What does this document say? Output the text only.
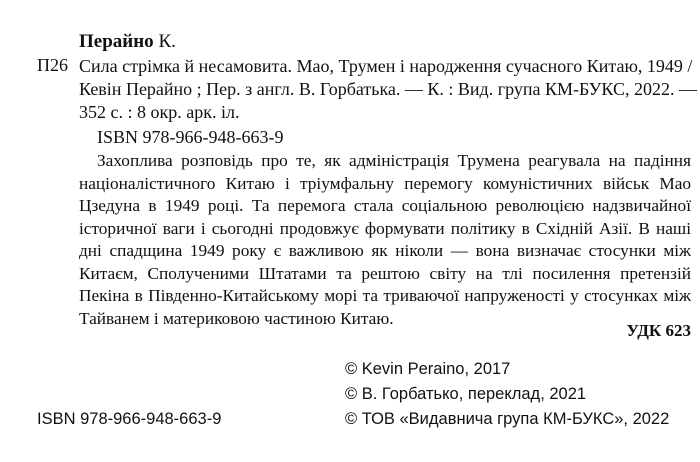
Перайно К.
П26 Сила стрімка й несамовита. Мао, Трумен і народження сучасного Китаю, 1949 /
Кевін Перайно ; Пер. з англ. В. Горбатька. — К. : Вид. група КМ-БУКС, 2022. —
352 с. : 8 окр. арк. іл.
ISBN 978-966-948-663-9
Захоплива розповідь про те, як адміністрація Трумена реагувала на падіння націоналістичного Китаю і тріумфальну перемогу комуністичних військ Мао Цзедуна в 1949 році. Та перемога стала соціальною революцією надзвичайної історичної ваги і сьогодні продовжує формувати політику в Східній Азії. В наші дні спадщина 1949 року є важливою як ніколи — вона визначає стосунки між Китаєм, Сполученими Штатами та рештою світу на тлі посилення претензій Пекіна в Південно-Китайському морі та триваючої напруженості у стосунках між Тайванем і материковою частиною Китаю.
УДК 623
© Kevin Peraino, 2017
© В. Горбатько, переклад, 2021
© ТОВ «Видавнича група КМ-БУКС», 2022
ISBN 978-966-948-663-9
